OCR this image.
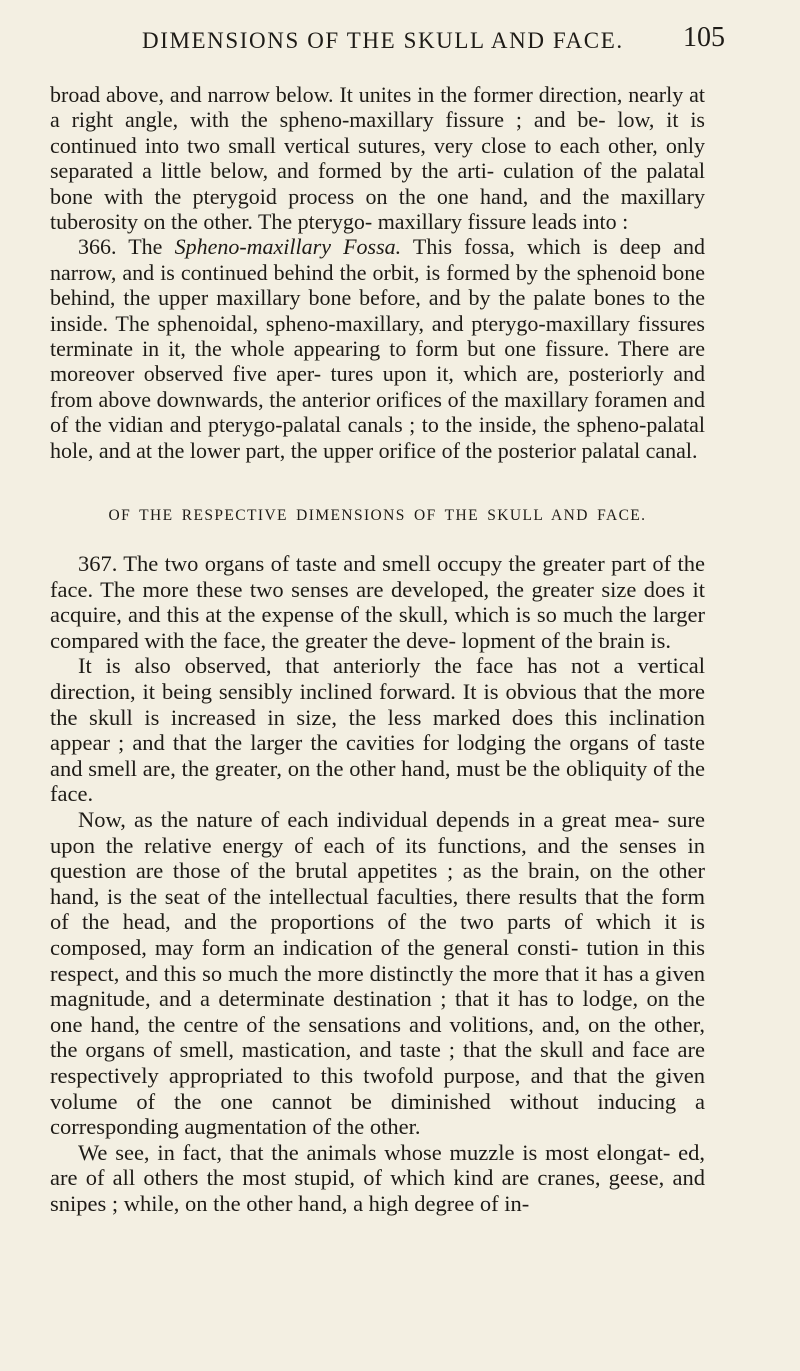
DIMENSIONS OF THE SKULL AND FACE. 105

broad above, and narrow below. It unites in the former direction, nearly at a right angle, with the spheno-maxillary fissure ; and be- low, it is continued into two small vertical sutures, very close to each other, only separated a little below, and formed by the arti- culation of the palatal bone with the pterygoid process on the one hand, and the maxillary tuberosity on the other. The pterygo- maxillary fissure leads into :

366. The Spheno-maxillary Fossa. This fossa, which is deep and narrow, and is continued behind the orbit, is formed by the sphenoid bone behind, the upper maxillary bone before, and by the palate bones to the inside. The sphenoidal, spheno-maxillary, and pterygo-maxillary fissures terminate in it, the whole appearing to form but one fissure. There are moreover observed five aper- tures upon it, which are, posteriorly and from above downwards, the anterior orifices of the maxillary foramen and of the vidian and pterygo-palatal canals ; to the inside, the spheno-palatal hole, and at the lower part, the upper orifice of the posterior palatal canal.

OF THE RESPECTIVE DIMENSIONS OF THE SKULL AND FACE.

367. The two organs of taste and smell occupy the greater part of the face. The more these two senses are developed, the greater size does it acquire, and this at the expense of the skull, which is so much the larger compared with the face, the greater the deve- lopment of the brain is.

It is also observed, that anteriorly the face has not a vertical direction, it being sensibly inclined forward. It is obvious that the more the skull is increased in size, the less marked does this inclination appear ; and that the larger the cavities for lodging the organs of taste and smell are, the greater, on the other hand, must be the obliquity of the face.

Now, as the nature of each individual depends in a great mea- sure upon the relative energy of each of its functions, and the senses in question are those of the brutal appetites ; as the brain, on the other hand, is the seat of the intellectual faculties, there results that the form of the head, and the proportions of the two parts of which it is composed, may form an indication of the general consti- tution in this respect, and this so much the more distinctly the more that it has a given magnitude, and a determinate destination ; that it has to lodge, on the one hand, the centre of the sensations and volitions, and, on the other, the organs of smell, mastication, and taste ; that the skull and face are respectively appropriated to this twofold purpose, and that the given volume of the one cannot be diminished without inducing a corresponding augmentation of the other.

We see, in fact, that the animals whose muzzle is most elongat- ed, are of all others the most stupid, of which kind are cranes, geese, and snipes ; while, on the other hand, a high degree of in-
